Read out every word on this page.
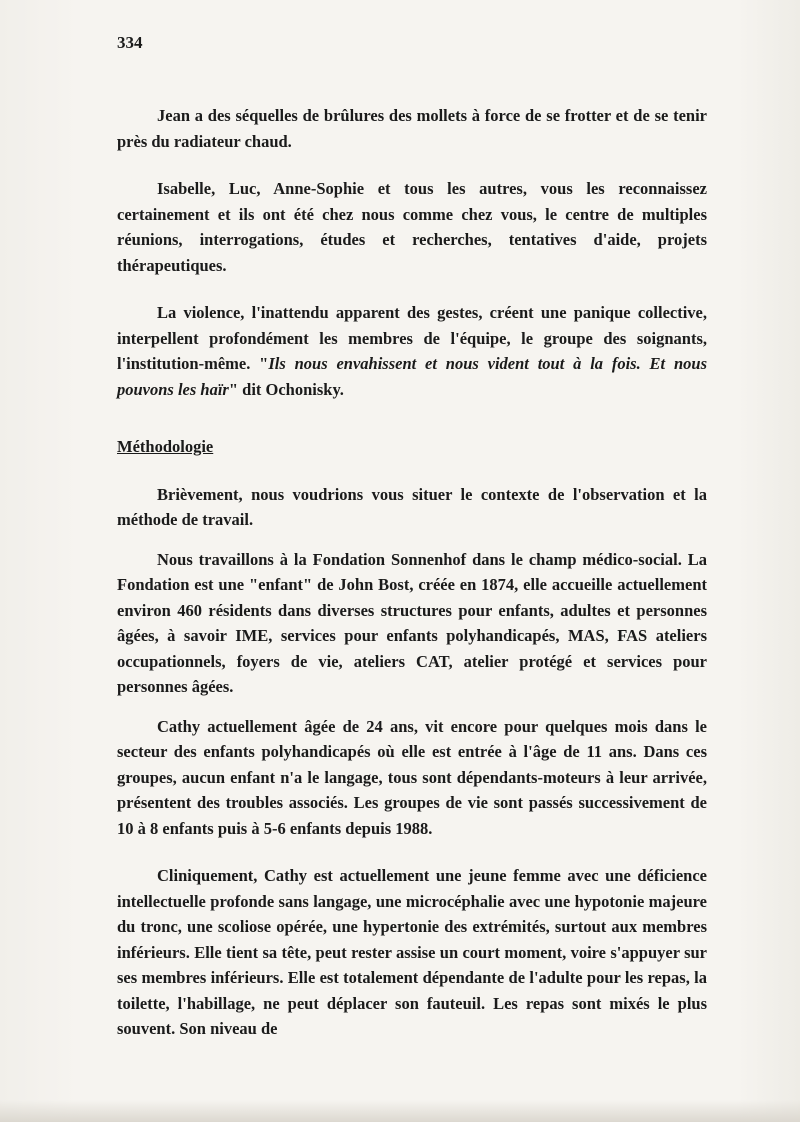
334

Jean a des séquelles de brûlures des mollets à force de se frotter et de se tenir près du radiateur chaud.

Isabelle, Luc, Anne-Sophie et tous les autres, vous les reconnaissez certainement et ils ont été chez nous comme chez vous, le centre de multiples réunions, interrogations, études et recherches, tentatives d'aide, projets thérapeutiques.

La violence, l'inattendu apparent des gestes, créent une panique collective, interpellent profondément les membres de l'équipe, le groupe des soignants, l'institution-même. "Ils nous envahissent et nous vident tout à la fois. Et nous pouvons les haïr" dit Ochonisky.

Méthodologie

Brièvement, nous voudrions vous situer le contexte de l'observation et la méthode de travail.

Nous travaillons à la Fondation Sonnenhof dans le champ médico-social. La Fondation est une "enfant" de John Bost, créée en 1874, elle accueille actuellement environ 460 résidents dans diverses structures pour enfants, adultes et personnes âgées, à savoir IME, services pour enfants polyhandicapés, MAS, FAS ateliers occupationnels, foyers de vie, ateliers CAT, atelier protégé et services pour personnes âgées.

Cathy actuellement âgée de 24 ans, vit encore pour quelques mois dans le secteur des enfants polyhandicapés où elle est entrée à l'âge de 11 ans. Dans ces groupes, aucun enfant n'a le langage, tous sont dépendants-moteurs à leur arrivée, présentent des troubles associés. Les groupes de vie sont passés successivement de 10 à 8 enfants puis à 5-6 enfants depuis 1988.

Cliniquement, Cathy est actuellement une jeune femme avec une déficience intellectuelle profonde sans langage, une microcéphalie avec une hypotonie majeure du tronc, une scoliose opérée, une hypertonie des extrémités, surtout aux membres inférieurs. Elle tient sa tête, peut rester assise un court moment, voire s'appuyer sur ses membres inférieurs. Elle est totalement dépendante de l'adulte pour les repas, la toilette, l'habillage, ne peut déplacer son fauteuil. Les repas sont mixés le plus souvent. Son niveau de
